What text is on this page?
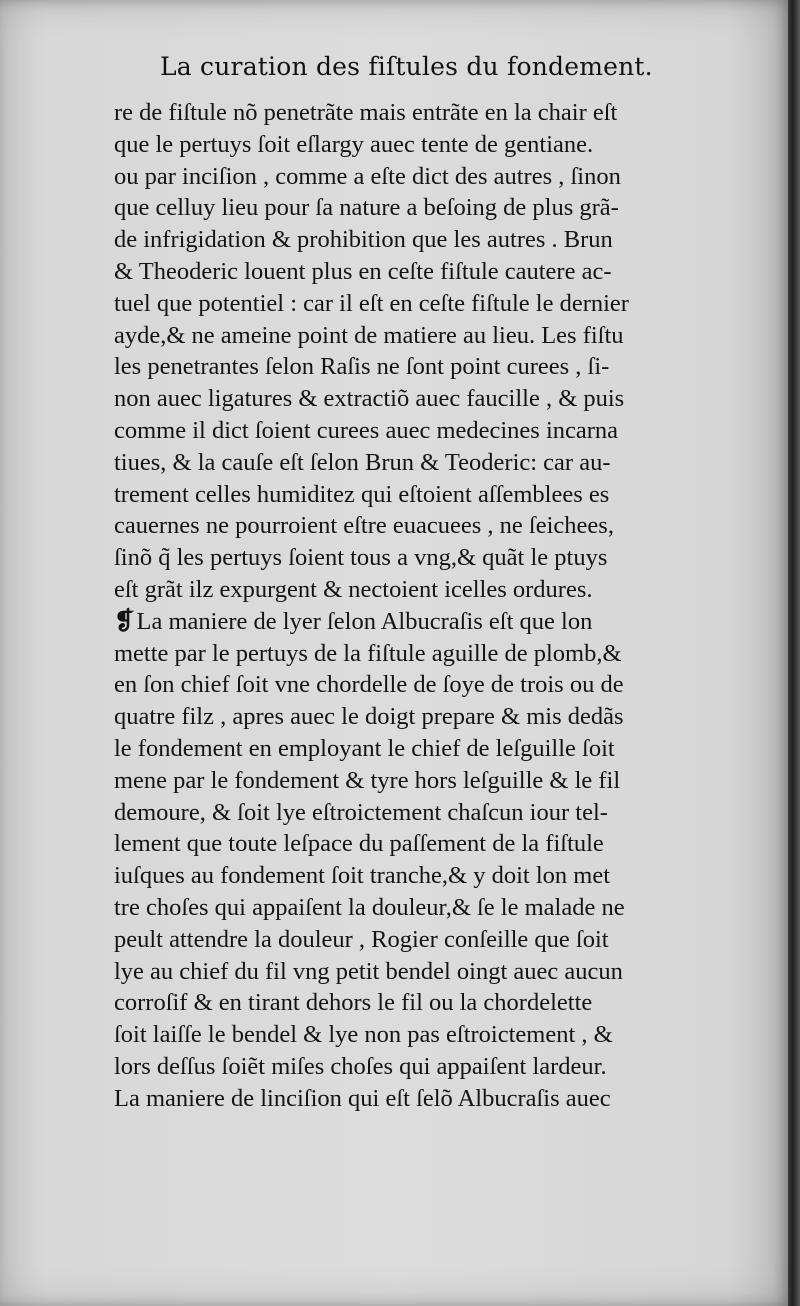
La curation des fiſtules du fondement.
re de fiſtule nõ penetrãte mais entrãte en la chair eſt
que le pertuys ſoit eſlargy auec tente de gentiane.
ou par inciſion , comme a eſte dict des autres , ſinon
que celluy lieu pour ſa nature a beſoing de plus grã-
de infrigidation & prohibition que les autres . Brun
& Theoderic louent plus en ceſte fiſtule cautere ac-
tuel que potentiel : car il eſt en ceſte fiſtule le dernier
ayde,& ne ameine point de matiere au lieu. Les fiſtu
les penetrantes ſelon Raſis ne ſont point curees , ſi-
non auec ligatures & extractiõ auec faucille , & puis
comme il dict ſoient curees auec medecines incarna
tiues, & la cauſe eſt ſelon Brun & Teoderic: car au-
trement celles humiditez qui eſtoient aſſemblees es
cauernes ne pourroient eſtre euacuees , ne ſeichees,
ſinõ q̃ les pertuys ſoient tous a vng,& quãt le ptuys
eſt grãt ilz expurgent & nectoient icelles ordures.
❡La maniere de lyer ſelon Albucraſis eſt que lon
mette par le pertuys de la fiſtule aguille de plomb,&
en ſon chief ſoit vne chordelle de ſoye de trois ou de
quatre filz , apres auec le doigt prepare & mis dedãs
le fondement en employant le chief de leſguille ſoit
mene par le fondement & tyre hors leſguille & le fil
demoure, & ſoit lye eſtroictement chaſcun iour tel-
lement que toute leſpace du paſſement de la fiſtule
iuſques au fondement ſoit tranche,& y doit lon met
tre choſes qui appaiſent la douleur,& ſe le malade ne
peult attendre la douleur , Rogier conſeille que ſoit
lye au chief du fil vng petit bendel oingt auec aucun
corroſif & en tirant dehors le fil ou la chordelette
ſoit laiſſe le bendel & lye non pas eſtroictement , &
lors deſſus ſoiẽt miſes choſes qui appaiſent lardeur.
La maniere de linciſion qui eſt ſelõ Albucraſis auec
